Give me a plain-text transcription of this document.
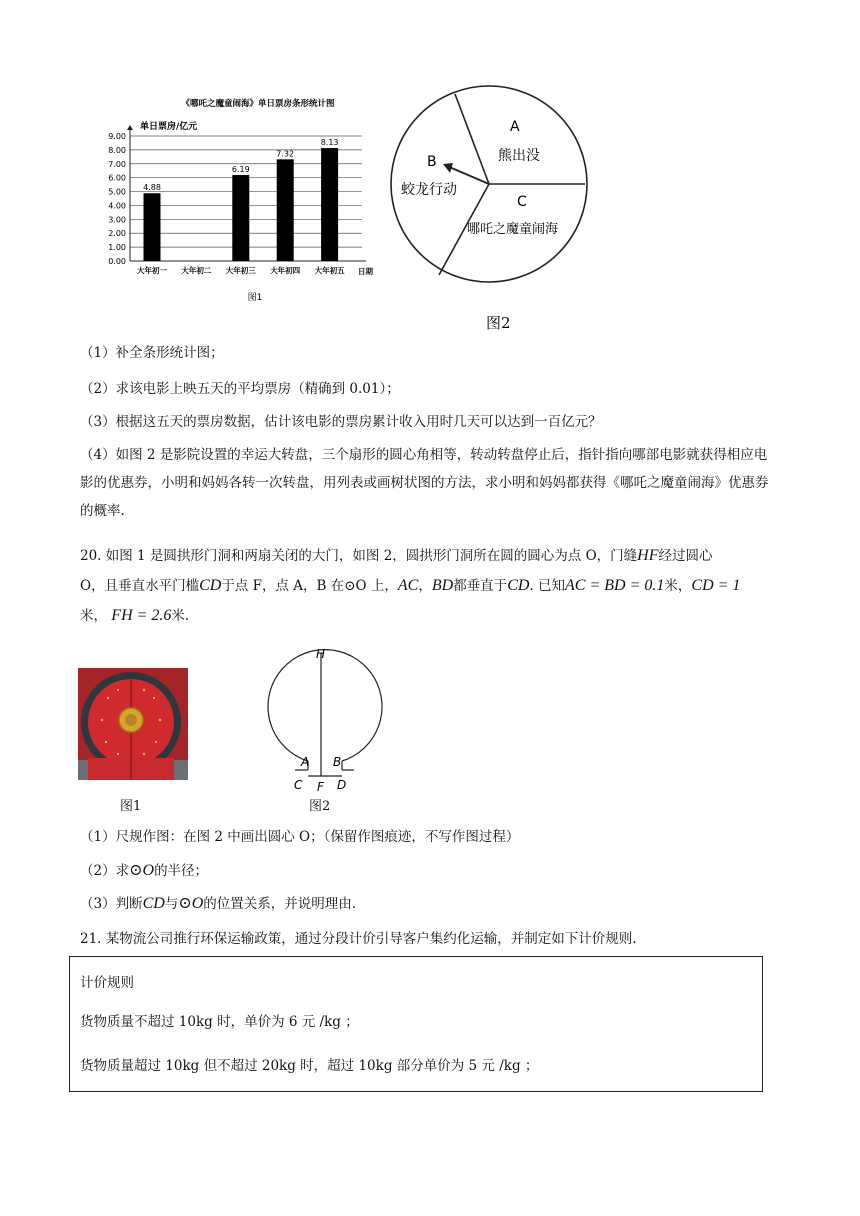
《哪吒之魔童闹海》单日票房条形统计图
单日票房/亿元
日期
0.00
1.00
2.00
3.00
4.00
5.00
6.00
7.00
8.00
9.00
大年初一
4.88
大年初二 大年初三
6.19
大年初四
7.32
大年初五
8.13
图1
A
熊出没
B
蛟龙行动
C
哪吒之魔童闹海
图2
（1）补全条形统计图；
（2）求该电影上映五天的平均票房（精确到 0.01）；
（3）根据这五天的票房数据，估计该电影的票房累计收入用时几天可以达到一百亿元？
（4）如图 2 是影院设置的幸运大转盘，三个扇形的圆心角相等，转动转盘停止后，指针指向哪部电影就获得相应电影的优惠券，小明和妈妈各转一次转盘，用列表或画树状图的方法，求小明和妈妈都获得《哪吒之魔童闹海》优惠券的概率.
20. 如图 1 是圆拱形门洞和两扇关闭的大门，如图 2，圆拱形门洞所在圆的圆心为点 O，门缝HF经过圆心
O，且垂直水平门槛CD于点 F，点 A，B 在⊙O 上，AC，BD都垂直于CD. 已知AC = BD = 0.1米，CD = 1
米， FH = 2.6米.
图1
H
A B
C F D
图2
（1）尺规作图：在图 2 中画出圆心 O；（保留作图痕迹，不写作图过程）
（2）求⊙O的半径；
（3）判断CD与⊙O的位置关系，并说明理由.
21. 某物流公司推行环保运输政策，通过分段计价引导客户集约化运输，并制定如下计价规则.
计价规则
货物质量不超过 10kg 时，单价为 6 元 /kg ；
货物质量超过 10kg 但不超过 20kg 时，超过 10kg 部分单价为 5 元 /kg ；
